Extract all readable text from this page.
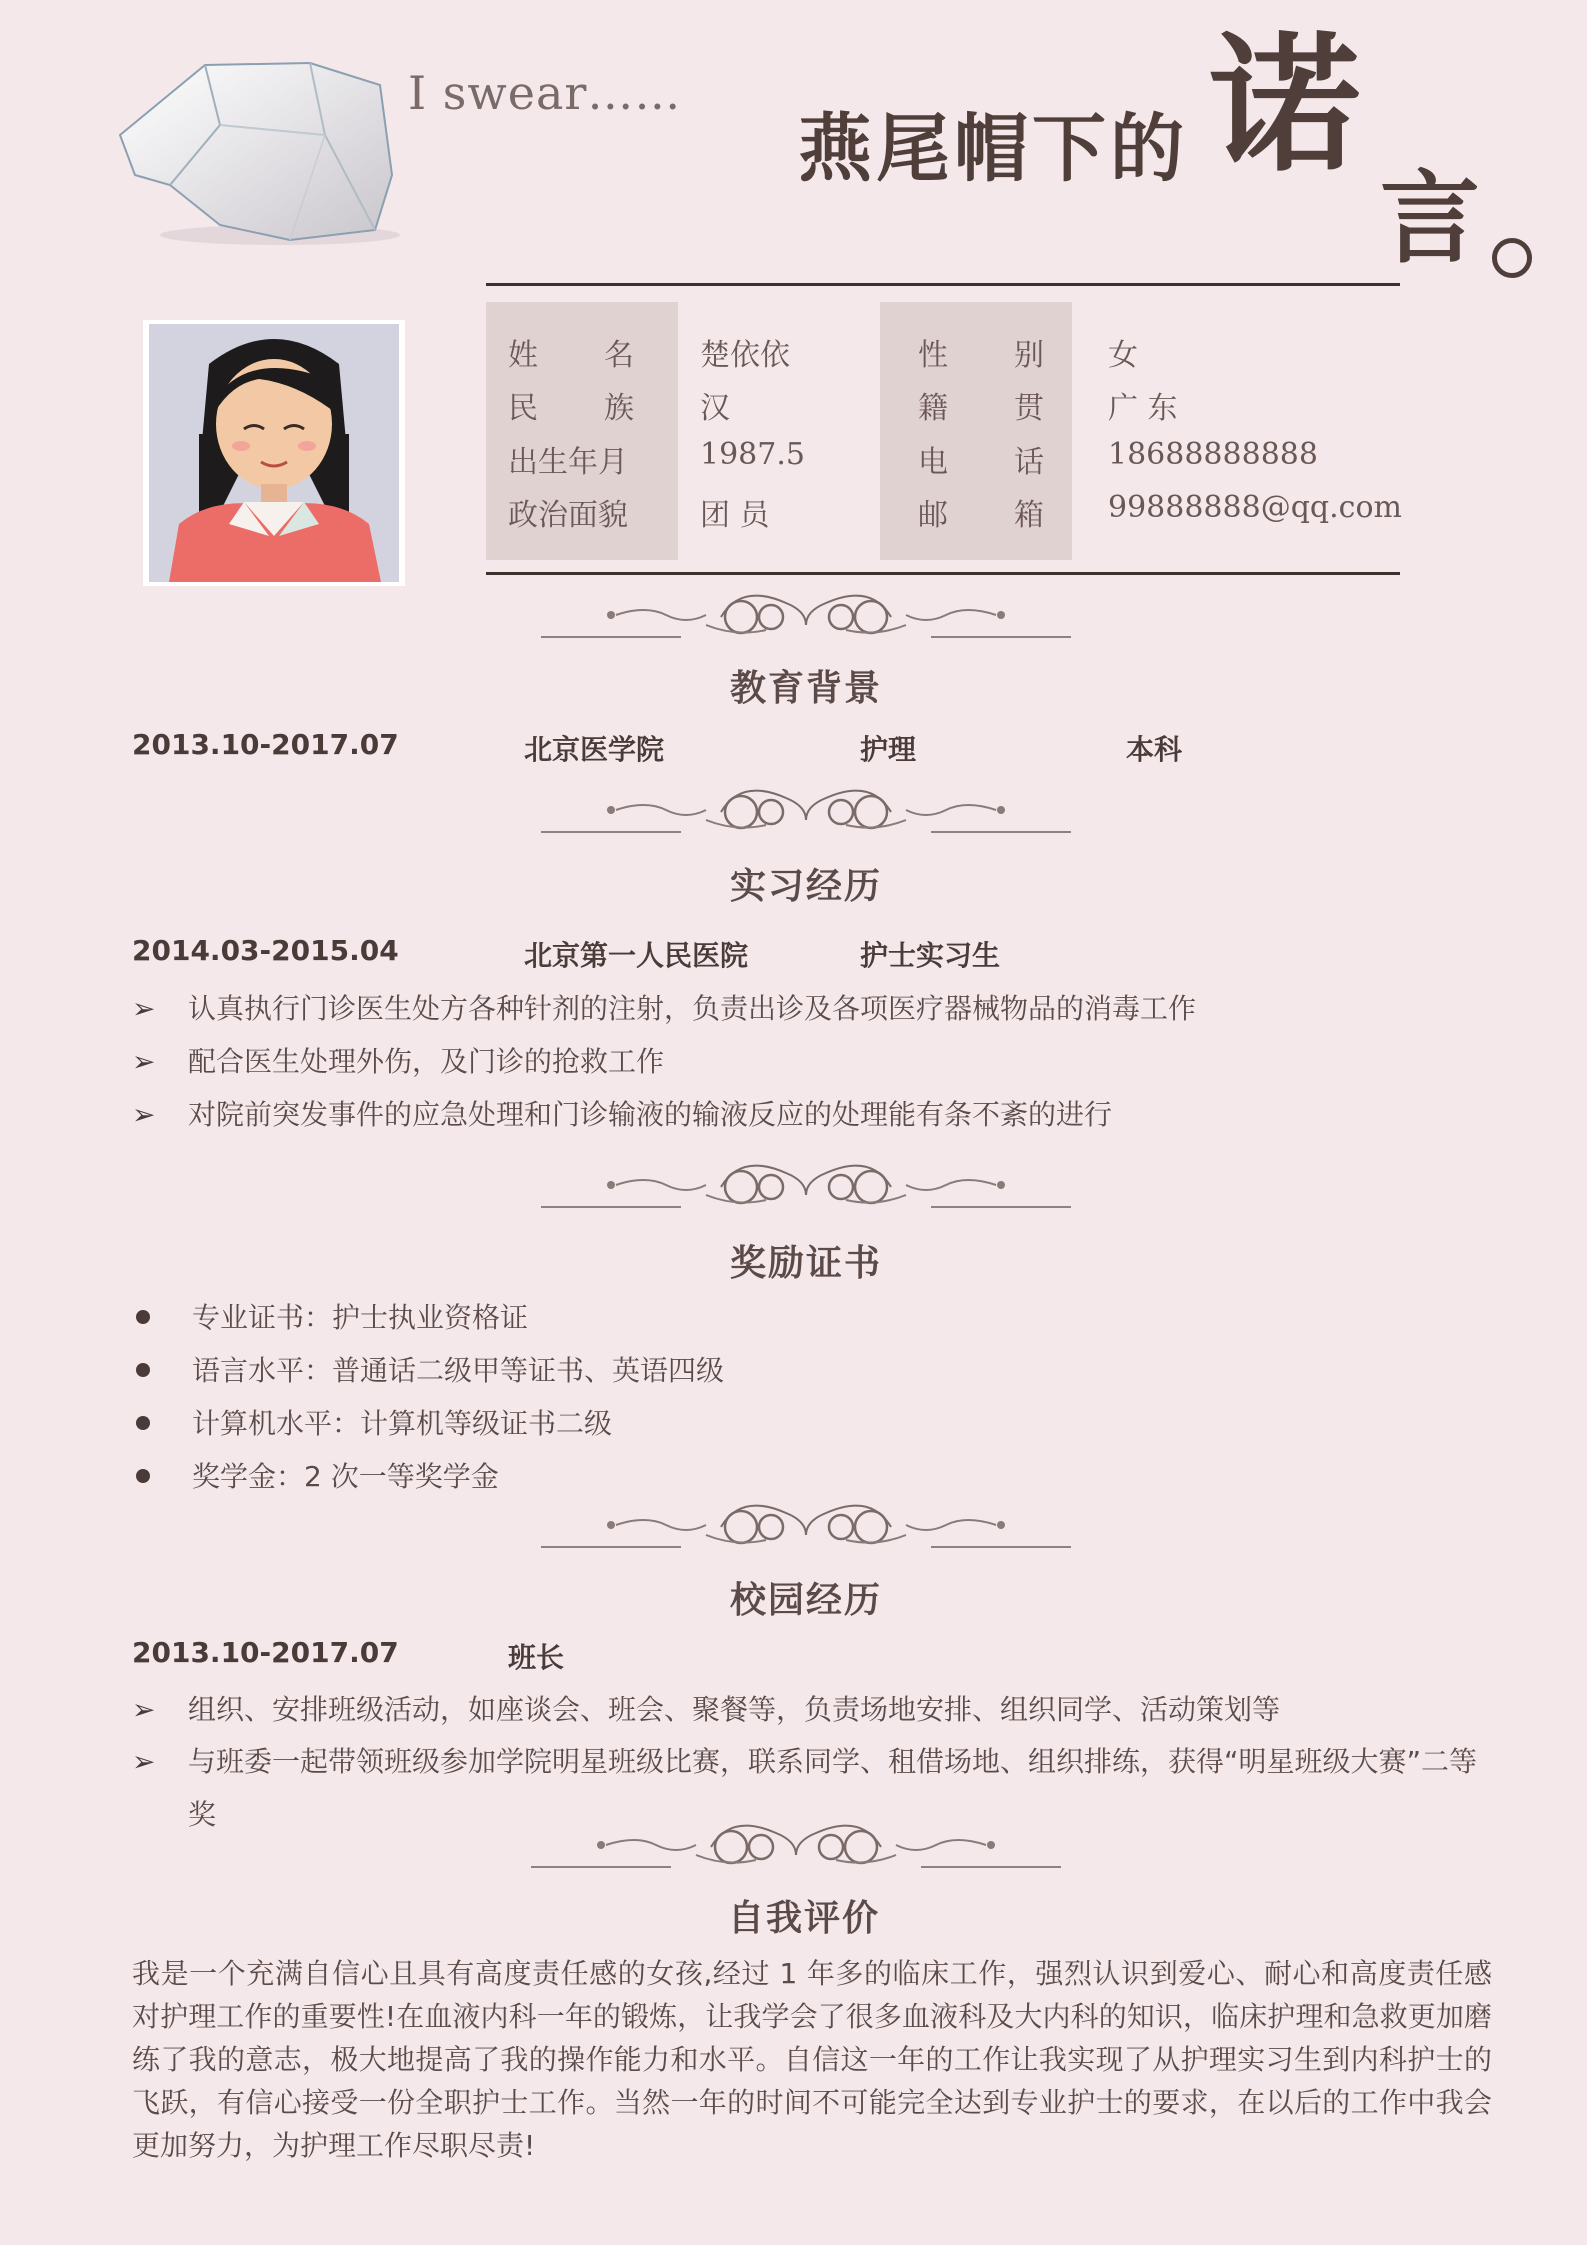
I swear……
燕尾帽下的 诺
言
姓 名 楚依依	性 别 女
民 族 汉	籍 贯 广 东
出生年月 1987.5	电 话 18688888888
政治面貌 团 员	邮 箱 99888888@qq.com
教育背景
2013.10-2017.07	北京医学院	护理	本科
实习经历
2014.03-2015.04	北京第一人民医院	护士实习生
➢ 认真执行门诊医生处方各种针剂的注射，负责出诊及各项医疗器械物品的消毒工作
➢ 配合医生处理外伤，及门诊的抢救工作
➢ 对院前突发事件的应急处理和门诊输液的输液反应的处理能有条不紊的进行
奖励证书
专业证书：护士执业资格证
语言水平：普通话二级甲等证书、英语四级
计算机水平：计算机等级证书二级
奖学金：2 次一等奖学金
校园经历
2013.10-2017.07	班长
➢ 组织、安排班级活动，如座谈会、班会、聚餐等，负责场地安排、组织同学、活动策划等
➢	与班委一起带领班级参加学院明星班级比赛，联系同学、租借场地、组织排练，获得“明星班级大赛”二等奖
自我评价
我是一个充满自信心且具有高度责任感的女孩,经过 1 年多的临床工作，强烈认识到爱心、耐心和高度责任感对护理工作的重要性!在血液内科一年的锻炼，让我学会了很多血液科及大内科的知识，临床护理和急救更加磨练了我的意志，极大地提高了我的操作能力和水平。自信这一年的工作让我实现了从护理实习生到内科护士的飞跃，有信心接受一份全职护士工作。当然一年的时间不可能完全达到专业护士的要求，在以后的工作中我会更加努力，为护理工作尽职尽责!
